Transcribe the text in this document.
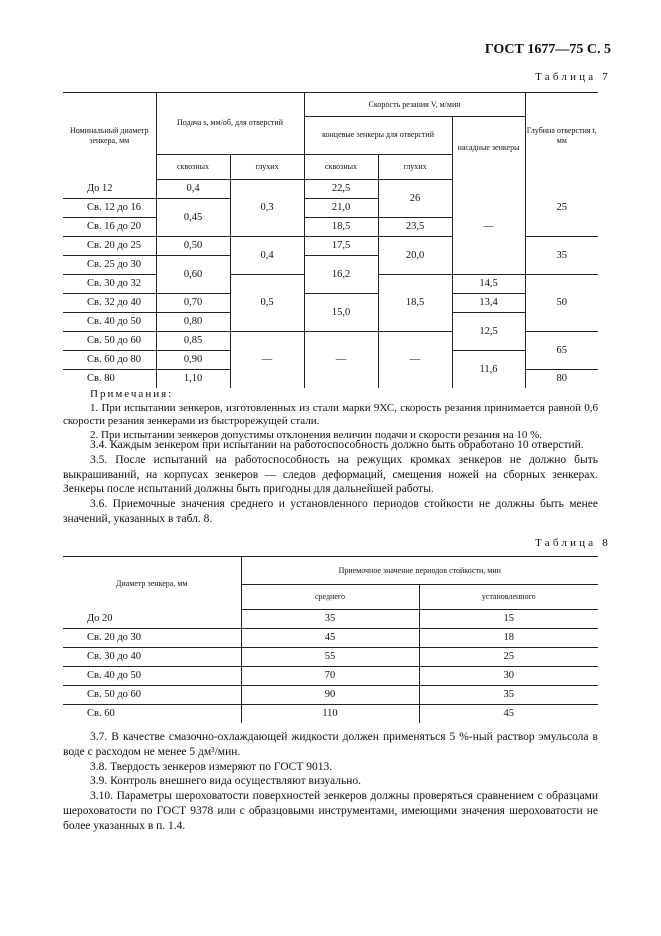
ГОСТ 1677—75 С. 5
Таблица 7
Номинальный диаметр зенкера, мм	Подача s, мм/об, для отверстий		Скорость резания V, м/мин			Глубина отверстия t, мм
			концевые зенкеры для отверстий		насадные зенкеры	
	сквозных	глухих	сквозных	глухих		
До 12	0,4	0,3	22,5	26	—	25
Св. 12 до 16	0,45		21,0			
Св. 16 до 20			18,5	23,5		
Св. 20 до 25	0,50	0,4	17,5	20,0		35
Св. 25 до 30	0,60		16,2			
Св. 30 до 32		0,5		18,5	14,5	50
Св. 32 до 40	0,70		15,0		13,4	
Св. 40 до 50	0,80				12,5	
Св. 50 до 60	0,85	—	—	—		65
Св. 60 до 80	0,90				11,6	
Св. 80	1,10					80

Примечания:

1. При испытании зенкеров, изготовленных из стали марки 9ХС, скорость резания принимается равной 0,6 скорости резания зенкерами из быстрорежущей стали.

2. При испытании зенкеров допустимы отклонения величин подачи и скорости резания на 10 %.

3.4. Каждым зенкером при испытании на работоспособность должно быть обработано 10 отверстий.

3.5. После испытаний на работоспособность на режущих кромках зенкеров не должно быть выкрашиваний, на корпусах зенкеров — следов деформаций, смещения ножей на сборных зенкерах. Зенкеры после испытаний должны быть пригодны для дальнейшей работы.

3.6. Приемочные значения среднего и установленного периодов стойкости не должны быть менее значений, указанных в табл. 8.

Таблица 8
Диаметр зенкера, мм	Приемочное значение периодов стойкости, мин	
	среднего	установленного
До 20	35	15
Св. 20 до 30	45	18
Св. 30 до 40	55	25
Св. 40 до 50	70	30
Св. 50 до 60	90	35
Св. 60	110	45

3.7. В качестве смазочно-охлаждающей жидкости должен применяться 5 %-ный раствор эмульсола в воде с расходом не менее 5 дм³/мин.

3.8. Твердость зенкеров измеряют по ГОСТ 9013.

3.9. Контроль внешнего вида осуществляют визуально.

3.10. Параметры шероховатости поверхностей зенкеров должны проверяться сравнением с образцами шероховатости по ГОСТ 9378 или с образцовыми инструментами, имеющими значения шероховатости не более указанных в п. 1.4.
